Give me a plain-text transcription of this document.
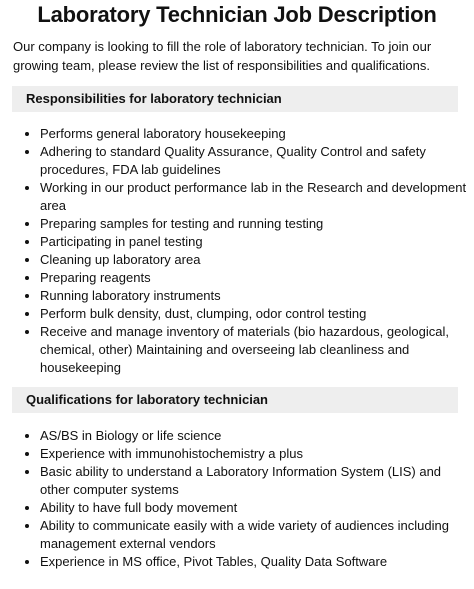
Laboratory Technician Job Description

Our company is looking to fill the role of laboratory technician. To join our growing team, please review the list of responsibilities and qualifications.

Responsibilities for laboratory technician
• Performs general laboratory housekeeping
• Adhering to standard Quality Assurance, Quality Control and safety procedures, FDA lab guidelines
• Working in our product performance lab in the Research and development area
• Preparing samples for testing and running testing
• Participating in panel testing
• Cleaning up laboratory area
• Preparing reagents
• Running laboratory instruments
• Perform bulk density, dust, clumping, odor control testing
• Receive and manage inventory of materials (bio hazardous, geological, chemical, other) Maintaining and overseeing lab cleanliness and housekeeping
Qualifications for laboratory technician
• AS/BS in Biology or life science
• Experience with immunohistochemistry a plus
• Basic ability to understand a Laboratory Information System (LIS) and other computer systems
• Ability to have full body movement
• Ability to communicate easily with a wide variety of audiences including management external vendors
• Experience in MS office, Pivot Tables, Quality Data Software
